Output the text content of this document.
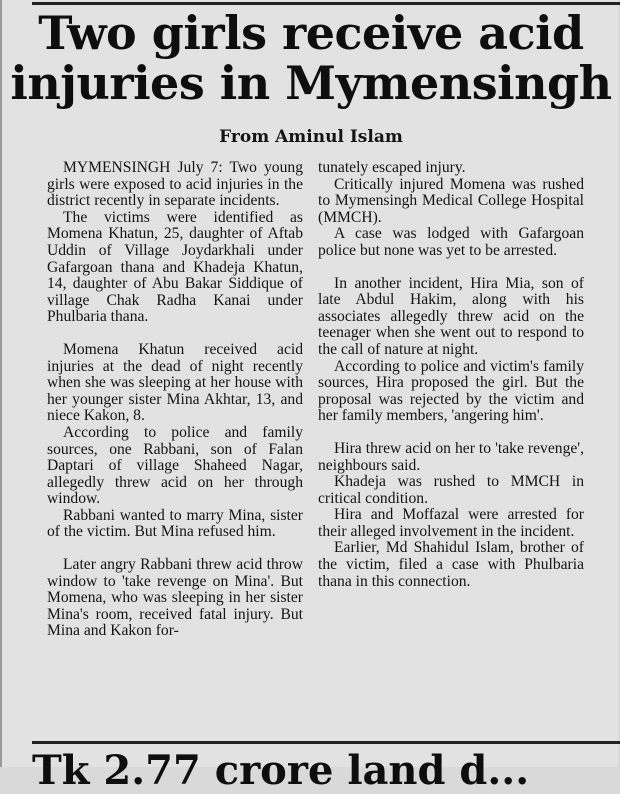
Two girls receive acid
injuries in Mymensingh
From Aminul Islam

MYMENSINGH July 7: Two young girls were exposed to acid injuries in the district recently in separate incidents.

The victims were identified as Momena Khatun, 25, daughter of Aftab Uddin of Village Joydarkhali under Gafargoan thana and Khadeja Khatun, 14, daughter of Abu Bakar Siddique of village Chak Radha Kanai under Phulbaria thana.

Momena Khatun received acid injuries at the dead of night recently when she was sleeping at her house with her younger sister Mina Akhtar, 13, and niece Kakon, 8.

According to police and family sources, one Rabbani, son of Falan Daptari of village Shaheed Nagar, allegedly threw acid on her through window.

Rabbani wanted to marry Mina, sister of the victim. But Mina refused him.

Later angry Rabbani threw acid throw window to 'take revenge on Mina'. But Momena, who was sleeping in her sister Mina's room, received fatal injury. But Mina and Kakon for-

tunately escaped injury.

Critically injured Momena was rushed to Mymensingh Medical College Hospital (MMCH).

A case was lodged with Gafargoan police but none was yet to be arrested.

In another incident, Hira Mia, son of late Abdul Hakim, along with his associates allegedly threw acid on the teenager when she went out to respond to the call of nature at night.

According to police and victim's family sources, Hira proposed the girl. But the proposal was rejected by the victim and her family members, 'angering him'.

Hira threw acid on her to 'take revenge', neighbours said.

Khadeja was rushed to MMCH in critical condition.

Hira and Moffazal were arrested for their alleged involvement in the incident.

Earlier, Md Shahidul Islam, brother of the victim, filed a case with Phulbaria thana in this connection.

Tk 2.77 crore land d...
